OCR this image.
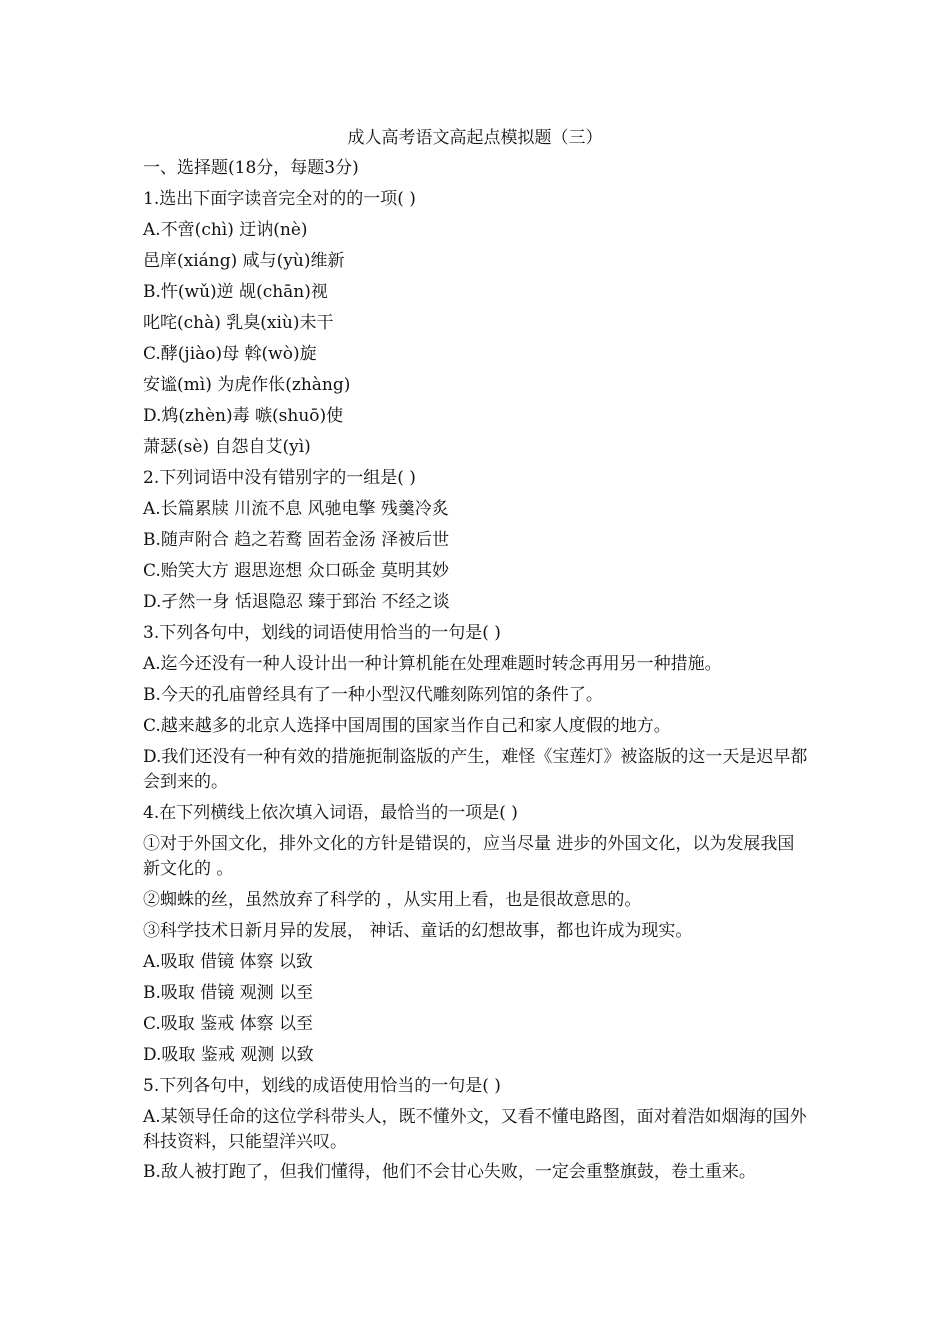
成人高考语文高起点模拟题（三）

一、选择题(18分，每题3分)

1.选出下面字读音完全对的的一项( )

A.不啻(chì) 迂讷(nè)

邑庠(xiáng) 咸与(yù)维新

B.忤(wǔ)逆 觇(chān)视

叱咤(chà) 乳臭(xiù)未干

C.酵(jiào)母 斡(wò)旋

安谧(mì) 为虎作伥(zhàng)

D.鸩(zhèn)毒 嗾(shuō)使

萧瑟(sè) 自怨自艾(yì)

2.下列词语中没有错别字的一组是( )

A.长篇累牍 川流不息 风驰电擎 残羹冷炙

B.随声附合 趋之若鹜 固若金汤 泽被后世

C.贻笑大方 遐思迩想 众口砾金 莫明其妙

D.孑然一身 恬退隐忍 臻于郅治 不经之谈

3.下列各句中，划线的词语使用恰当的一句是( )

A.迄今还没有一种人设计出一种计算机能在处理难题时转念再用另一种措施。

B.今天的孔庙曾经具有了一种小型汉代雕刻陈列馆的条件了。

C.越来越多的北京人选择中国周围的国家当作自己和家人度假的地方。

D.我们还没有一种有效的措施扼制盗版的产生，难怪《宝莲灯》被盗版的这一天是迟早都会到来的。

4.在下列横线上依次填入词语，最恰当的一项是( )

①对于外国文化，排外文化的方针是错误的，应当尽量 进步的外国文化，以为发展我国新文化的 。

②蜘蛛的丝，虽然放弃了科学的 ，从实用上看，也是很故意思的。

③科学技术日新月异的发展， 神话、童话的幻想故事，都也许成为现实。

A.吸取 借镜 体察 以致

B.吸取 借镜 观测 以至

C.吸取 鉴戒 体察 以至

D.吸取 鉴戒 观测 以致

5.下列各句中，划线的成语使用恰当的一句是( )

A.某领导任命的这位学科带头人，既不懂外文，又看不懂电路图，面对着浩如烟海的国外科技资料，只能望洋兴叹。

B.敌人被打跑了，但我们懂得，他们不会甘心失败，一定会重整旗鼓，卷土重来。
